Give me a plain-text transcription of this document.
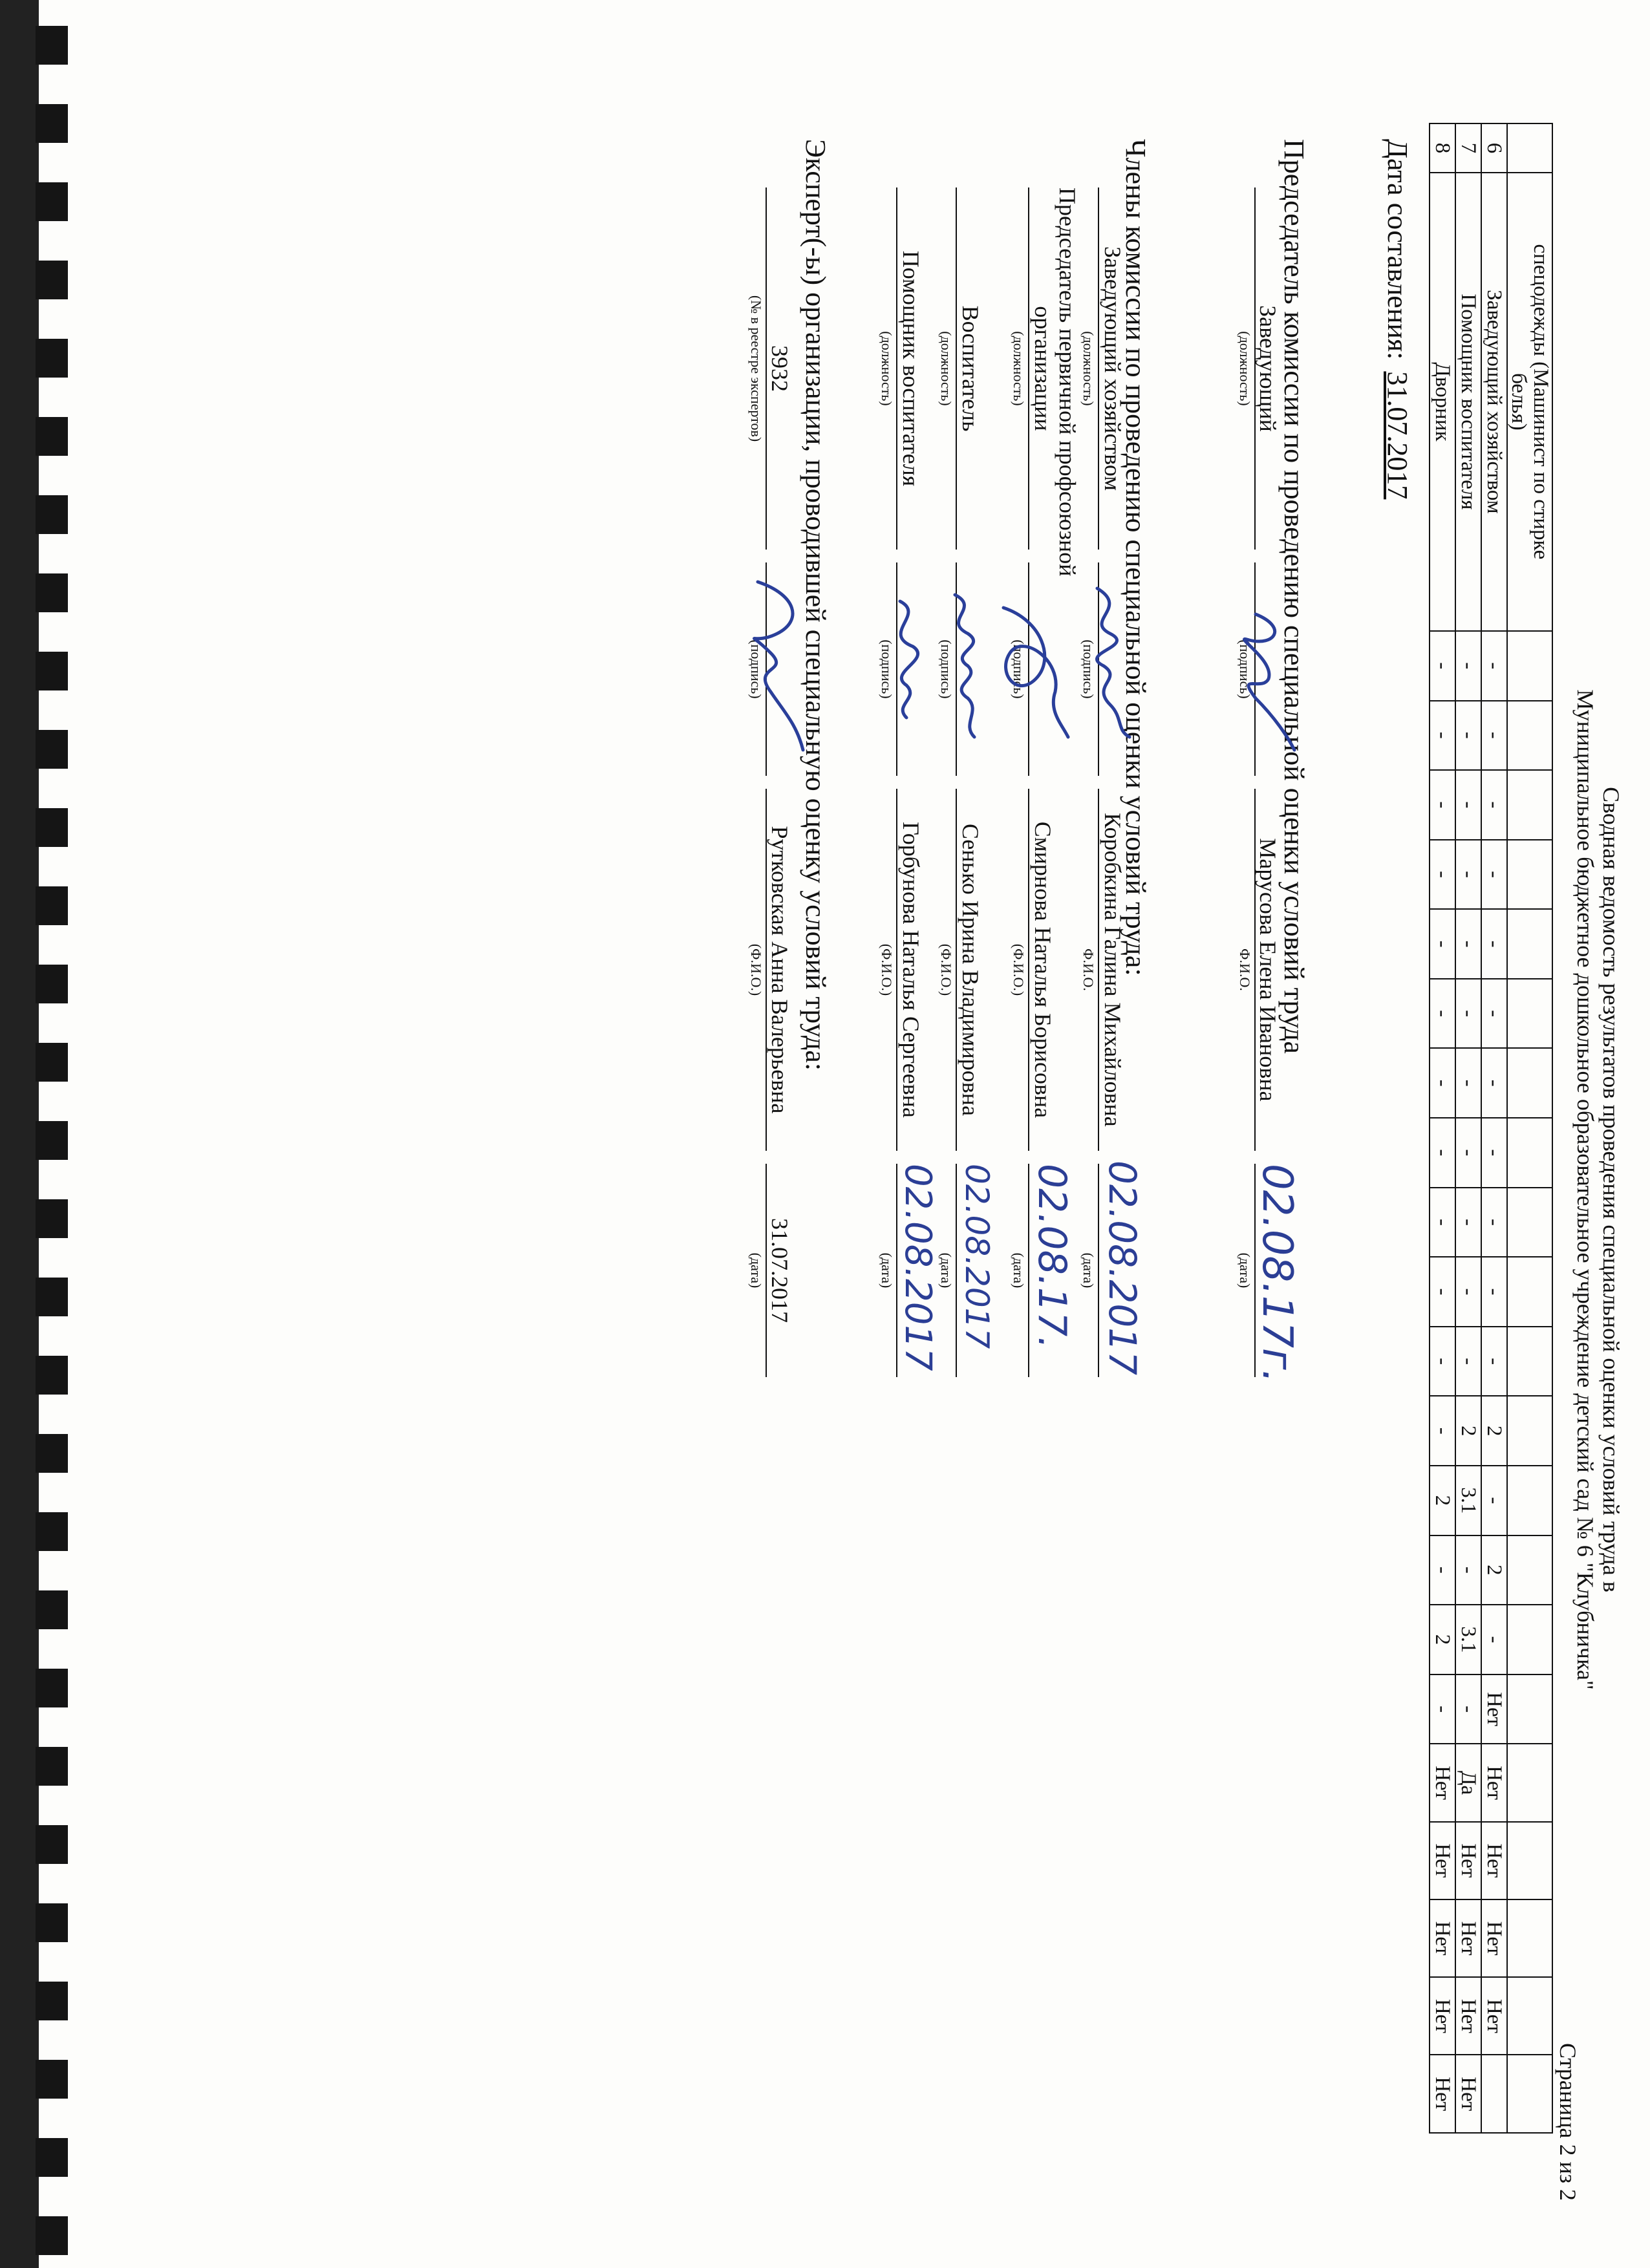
Сводная ведомость результатов проведения специальной оценки условий труда в
Муниципальное бюджетное дошкольное образовательное учреждение детский сад № 6 "Клубничка"
Страница 2 из 2

	спецодежды (Машинист по стирке
белья)																					

6	Заведующий хозяйством	-	-	-	-	-	-	-	-	-	-	-	2	-	2	-	Нет	Нет	Нет	Нет	Нет	
7	Помощник воспитателя	-	-	-	-	-	-	-	-	-	-	-	2	3.1	-	3.1	-	Да	Нет	Нет	Нет	Нет
8	Дворник	-	-	-	-	-	-	-	-	-	-	-	-	2	-	2	-	Нет	Нет	Нет	Нет	Нет
Дата составления:31.07.2017
Председатель комиссии по проведению специальной оценки условий труда
Заведующий
(должность)
(подпись)
Марусова Елена Ивановна
Ф.И.О.
(дата) 02.08.17г.
Члены комиссии по проведению специальной оценки условий труда:
Заведующий хозяйством
(должность)
(подпись)
Коробкина Галина Михайловна
Ф.И.О.
(дата) 02.08.2017
Председатель первичной профсоюзной
организации
(должность)
(подпись)
Смирнова Наталья Борисовна
(Ф.И.О.)
(дата) 02.08.17.
Воспитатель
(должность)
(подпись)
Сенько Ирина Владимировна
(Ф.И.О.)
(дата) 02.08.2017
Помощник воспитателя
(должность)
(подпись)
Горбунова Наталья Сергеевна
(Ф.И.О.)
(дата) 02.08.2017
Эксперт(-ы) организации, проводившей специальную оценку условий труда:
3932
(№ в реестре экспертов)
(подпись)
Рутковская Анна Валерьевна
(Ф.И.О.)
31.07.2017
(дата)
